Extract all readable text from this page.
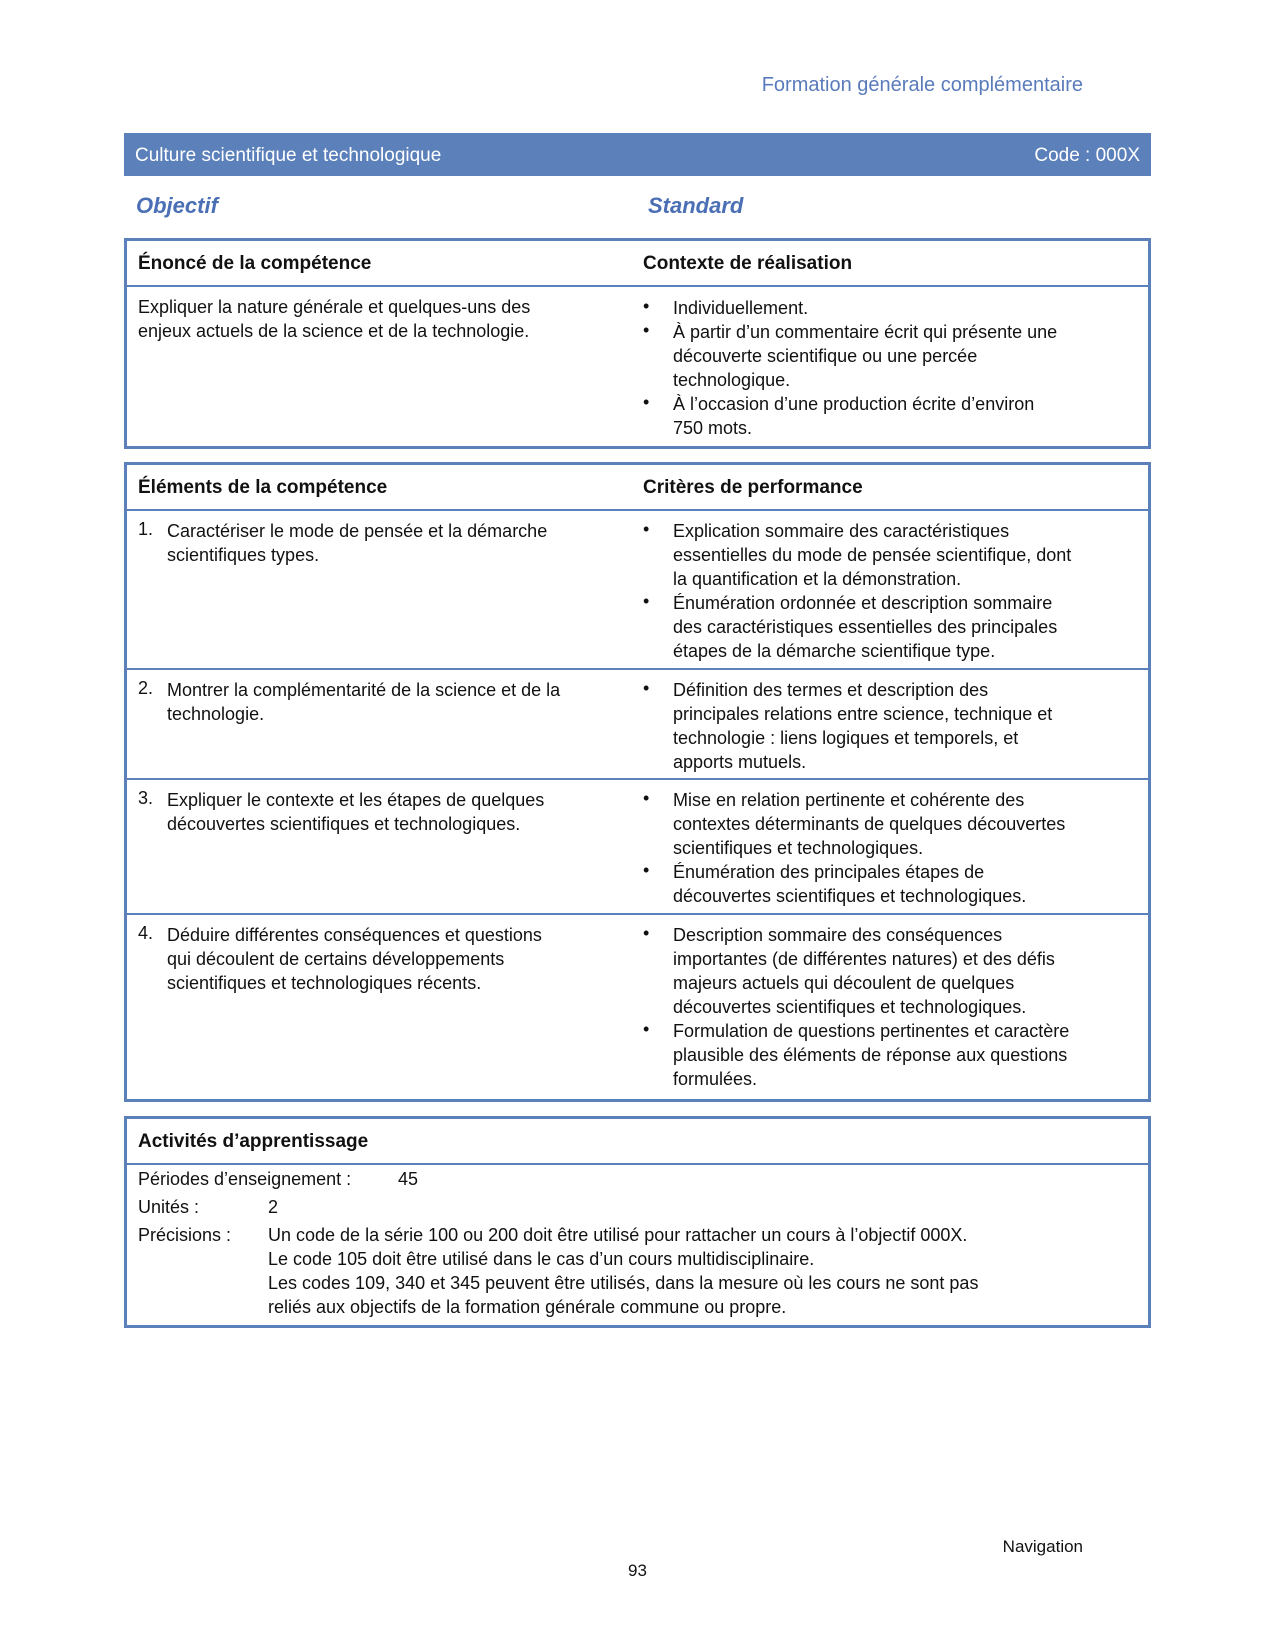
Formation générale complémentaire
Culture scientifique et technologique	Code : 000X
Objectif	Standard
Énoncé de la compétence	Contexte de réalisation
Expliquer la nature générale et quelques-uns des
enjeux actuels de la science et de la technologie.
• Individuellement.
• À partir d’un commentaire écrit qui présente une
découverte scientifique ou une percée
technologique.
• À l’occasion d’une production écrite d’environ
750 mots.
Éléments de la compétence	Critères de performance
1. Caractériser le mode de pensée et la démarche
scientifiques types.
• Explication sommaire des caractéristiques
essentielles du mode de pensée scientifique, dont
la quantification et la démonstration.
• Énumération ordonnée et description sommaire
des caractéristiques essentielles des principales
étapes de la démarche scientifique type.
2. Montrer la complémentarité de la science et de la
technologie.
• Définition des termes et description des
principales relations entre science, technique et
technologie : liens logiques et temporels, et
apports mutuels.
3. Expliquer le contexte et les étapes de quelques
découvertes scientifiques et technologiques.
• Mise en relation pertinente et cohérente des
contextes déterminants de quelques découvertes
scientifiques et technologiques.
• Énumération des principales étapes de
découvertes scientifiques et technologiques.
4. Déduire différentes conséquences et questions
qui découlent de certains développements
scientifiques et technologiques récents.
• Description sommaire des conséquences
importantes (de différentes natures) et des défis
majeurs actuels qui découlent de quelques
découvertes scientifiques et technologiques.
• Formulation de questions pertinentes et caractère
plausible des éléments de réponse aux questions
formulées.
Activités d’apprentissage
Périodes d’enseignement :	45
Unités :	2
Précisions : Un code de la série 100 ou 200 doit être utilisé pour rattacher un cours à l’objectif 000X.
Le code 105 doit être utilisé dans le cas d’un cours multidisciplinaire.
Les codes 109, 340 et 345 peuvent être utilisés, dans la mesure où les cours ne sont pas
reliés aux objectifs de la formation générale commune ou propre.
Navigation
93
